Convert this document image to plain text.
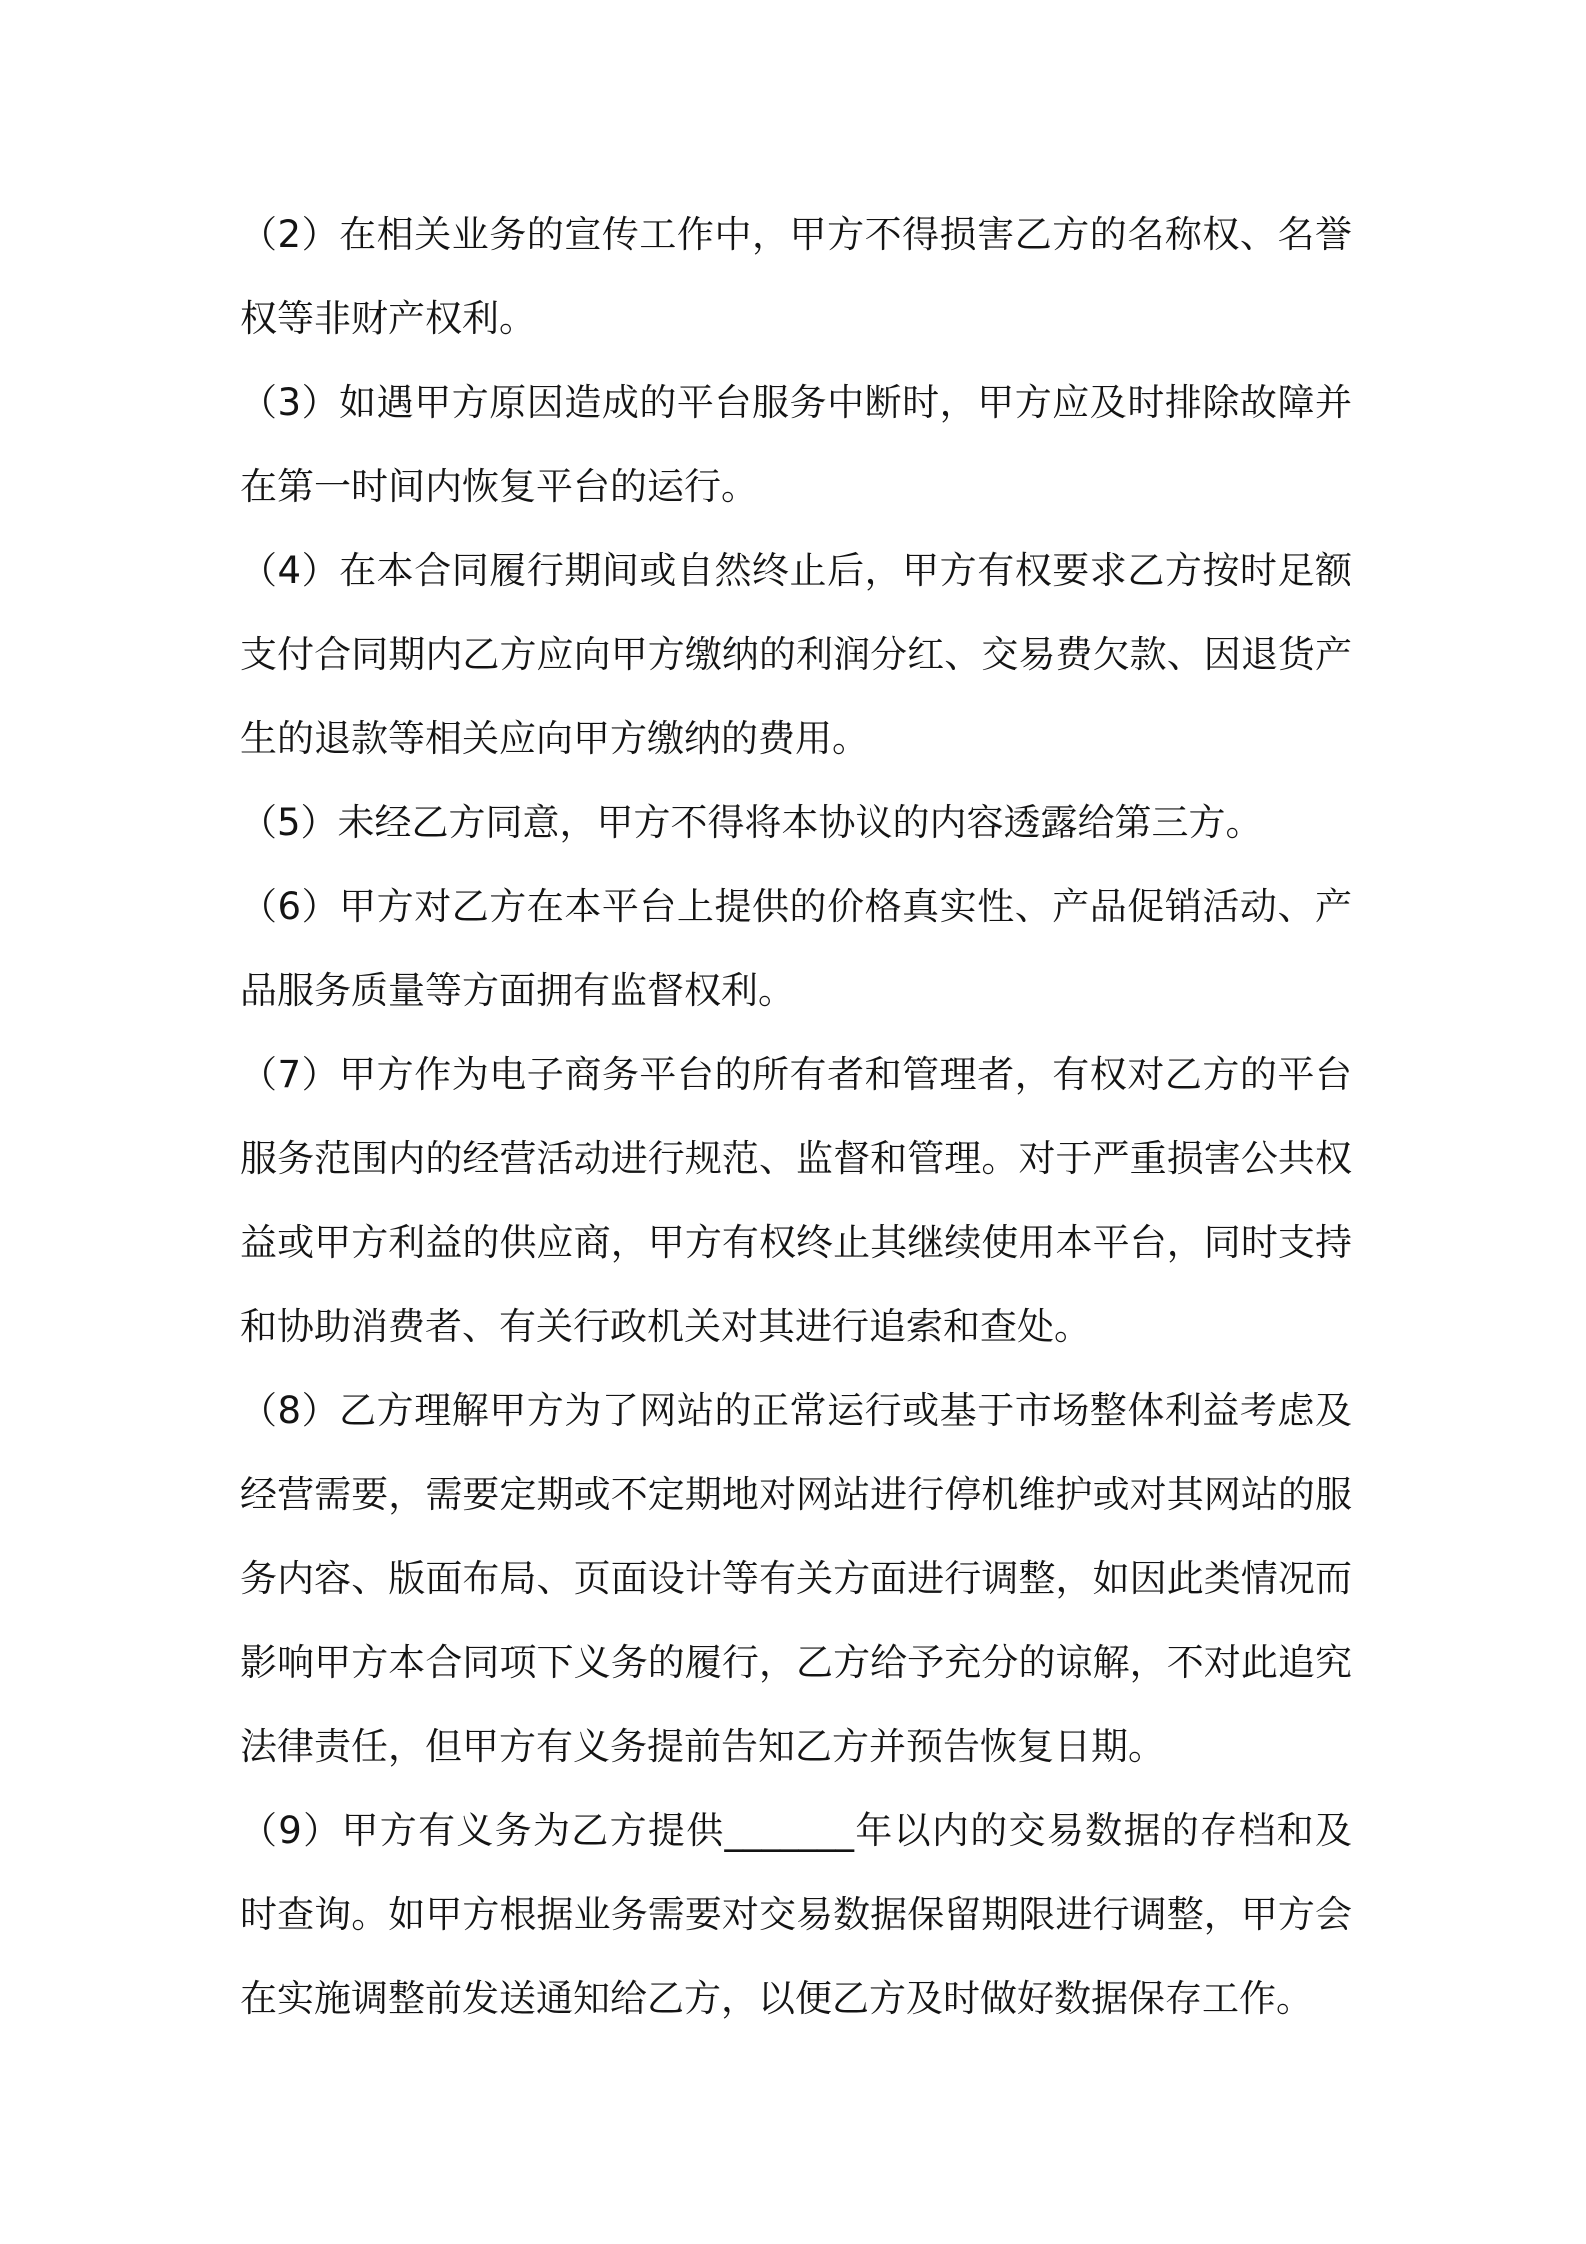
（2）在相关业务的宣传工作中，甲方不得损害乙方的名称权、名誉权等非财产权利。

（3）如遇甲方原因造成的平台服务中断时，甲方应及时排除故障并在第一时间内恢复平台的运行。

（4）在本合同履行期间或自然终止后，甲方有权要求乙方按时足额支付合同期内乙方应向甲方缴纳的利润分红、交易费欠款、因退货产生的退款等相关应向甲方缴纳的费用。

（5）未经乙方同意，甲方不得将本协议的内容透露给第三方。

（6）甲方对乙方在本平台上提供的价格真实性、产品促销活动、产品服务质量等方面拥有监督权利。

（7）甲方作为电子商务平台的所有者和管理者，有权对乙方的平台服务范围内的经营活动进行规范、监督和管理。对于严重损害公共权益或甲方利益的供应商，甲方有权终止其继续使用本平台，同时支持和协助消费者、有关行政机关对其进行追索和查处。

（8）乙方理解甲方为了网站的正常运行或基于市场整体利益考虑及经营需要，需要定期或不定期地对网站进行停机维护或对其网站的服务内容、版面布局、页面设计等有关方面进行调整，如因此类情况而影响甲方本合同项下义务的履行，乙方给予充分的谅解，不对此追究法律责任，但甲方有义务提前告知乙方并预告恢复日期。

（9）甲方有义务为乙方提供_______年以内的交易数据的存档和及时查询。如甲方根据业务需要对交易数据保留期限进行调整，甲方会在实施调整前发送通知给乙方，以便乙方及时做好数据保存工作。
